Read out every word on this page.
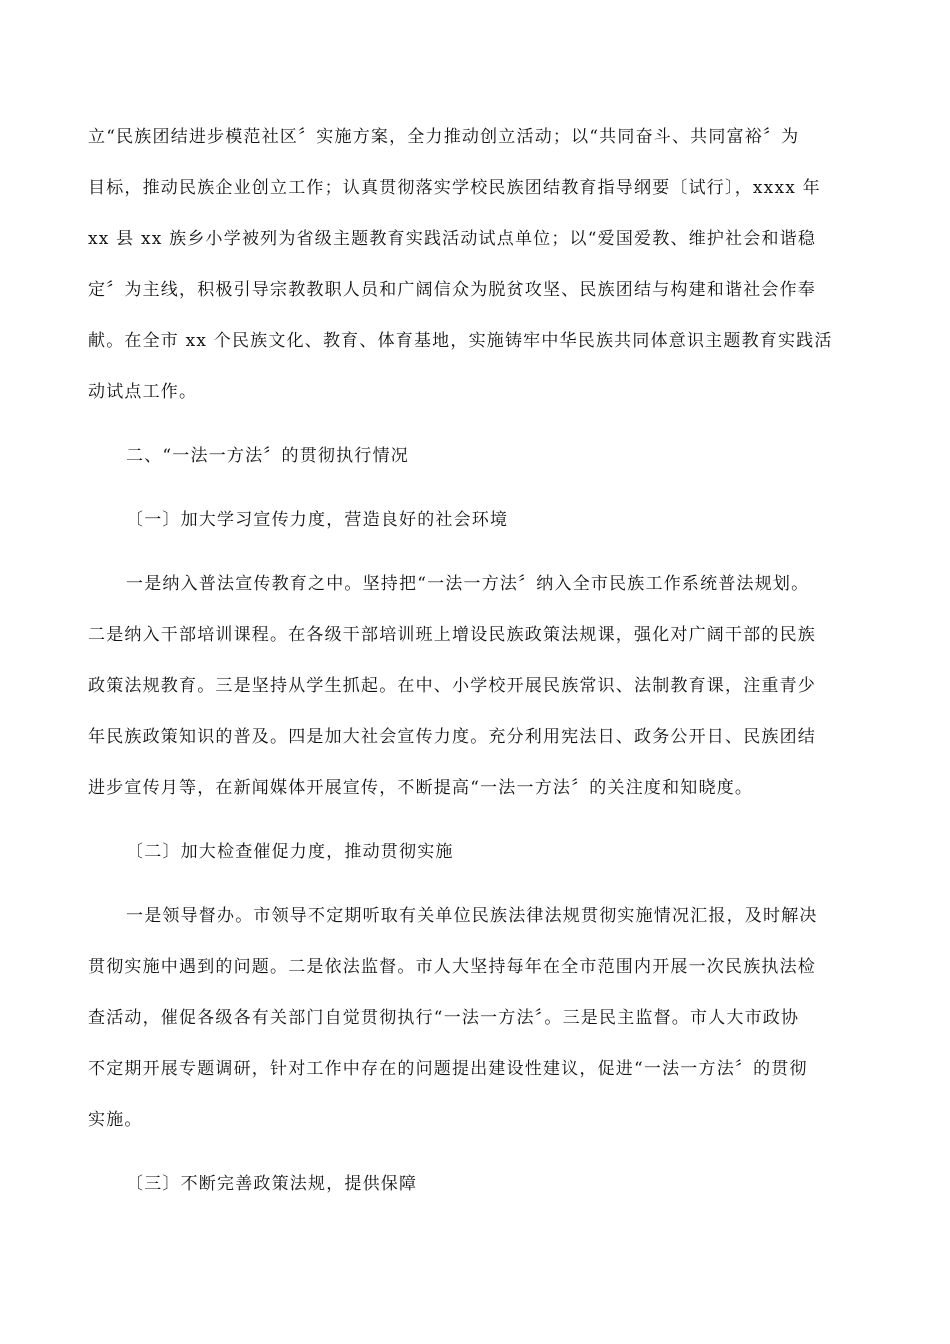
立“民族团结进步模范社区〞实施方案，全力推动创立活动；以“共同奋斗、共同富裕〞为
目标，推动民族企业创立工作；认真贯彻落实学校民族团结教育指导纲要〔试行〕，xxxx 年
xx 县 xx 族乡小学被列为省级主题教育实践活动试点单位；以“爱国爱教、维护社会和谐稳
定〞为主线，积极引导宗教教职人员和广阔信众为脱贫攻坚、民族团结与构建和谐社会作奉
献。在全市 xx 个民族文化、教育、体育基地，实施铸牢中华民族共同体意识主题教育实践活
动试点工作。
二、“一法一方法〞的贯彻执行情况
〔一〕加大学习宣传力度，营造良好的社会环境
一是纳入普法宣传教育之中。坚持把“一法一方法〞纳入全市民族工作系统普法规划。
二是纳入干部培训课程。在各级干部培训班上增设民族政策法规课，强化对广阔干部的民族
政策法规教育。三是坚持从学生抓起。在中、小学校开展民族常识、法制教育课，注重青少
年民族政策知识的普及。四是加大社会宣传力度。充分利用宪法日、政务公开日、民族团结
进步宣传月等，在新闻媒体开展宣传，不断提高“一法一方法〞的关注度和知晓度。
〔二〕加大检查催促力度，推动贯彻实施
一是领导督办。市领导不定期听取有关单位民族法律法规贯彻实施情况汇报，及时解决
贯彻实施中遇到的问题。二是依法监督。市人大坚持每年在全市范围内开展一次民族执法检
查活动，催促各级各有关部门自觉贯彻执行“一法一方法〞。三是民主监督。市人大市政协
不定期开展专题调研，针对工作中存在的问题提出建设性建议，促进“一法一方法〞的贯彻
实施。
〔三〕不断完善政策法规，提供保障
